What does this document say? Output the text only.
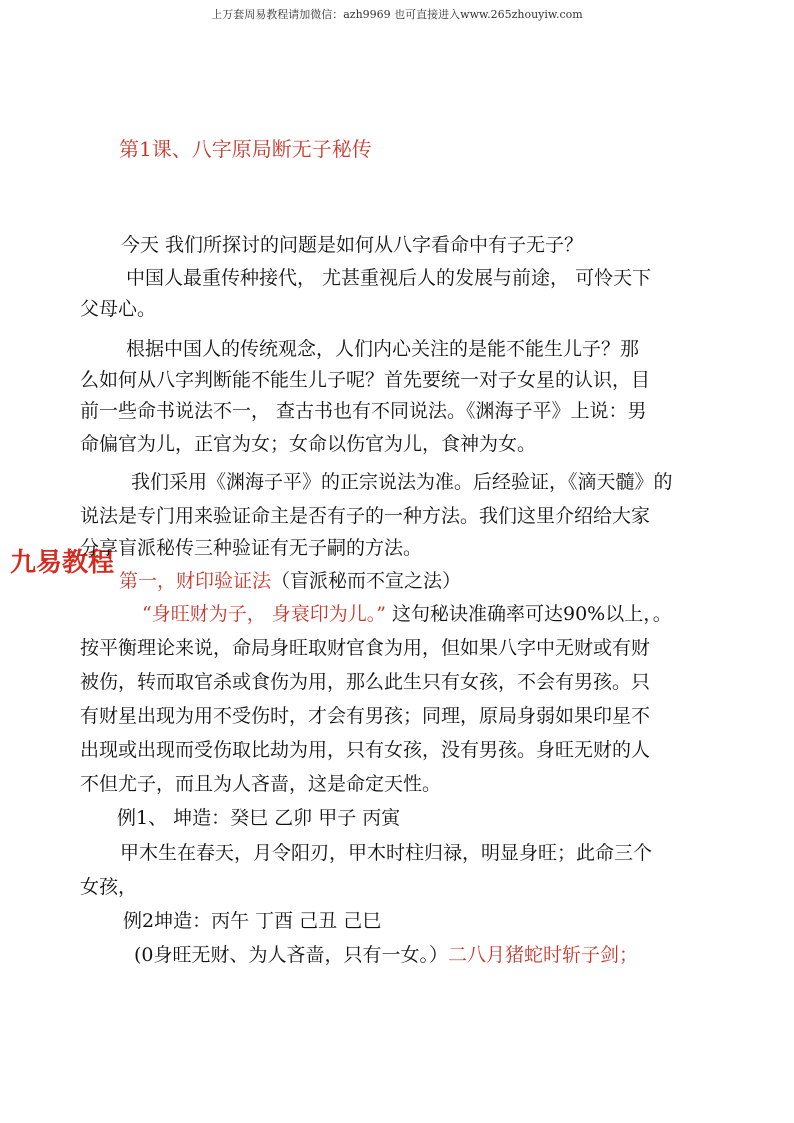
上万套周易教程请加微信：azh9969 也可直接进入www.265zhouyiw.com
第1课、八字原局断无子秘传
九易教程
今天 我们所探讨的问题是如何从八字看命中有子无子？
中国人最重传种接代， 尤甚重视后人的发展与前途， 可怜天下
父母心。
根据中国人的传统观念，人们内心关注的是能不能生儿子？那
么如何从八字判断能不能生儿子呢？首先要统一对子女星的认识，目
前一些命书说法不一， 查古书也有不同说法。《渊海子平》上说：男
命偏官为儿，正官为女；女命以伤官为儿，食神为女。
我们采用《渊海子平》的正宗说法为准。后经验证，《滴天髓》的
说法是专门用来验证命主是否有子的一种方法。我们这里介绍给大家
分享盲派秘传三种验证有无子嗣的方法。
第一，财印验证法（盲派秘而不宣之法）
“身旺财为子， 身衰印为儿。” 这句秘诀准确率可达90%以上，。
按平衡理论来说，命局身旺取财官食为用，但如果八字中无财或有财
被伤，转而取官杀或食伤为用，那么此生只有女孩，不会有男孩。只
有财星出现为用不受伤时，才会有男孩；同理，原局身弱如果印星不
出现或出现而受伤取比劫为用，只有女孩，没有男孩。身旺无财的人
不但尤子，而且为人吝啬，这是命定天性。
例1、 坤造：癸巳 乙卯 甲子 丙寅
甲木生在春天，月令阳刃，甲木时柱归禄，明显身旺；此命三个
女孩，
例2坤造：丙午 丁酉 己丑 己巳
(0身旺无财、为人吝啬，只有一女。）二八月猪蛇时斩子剑；
